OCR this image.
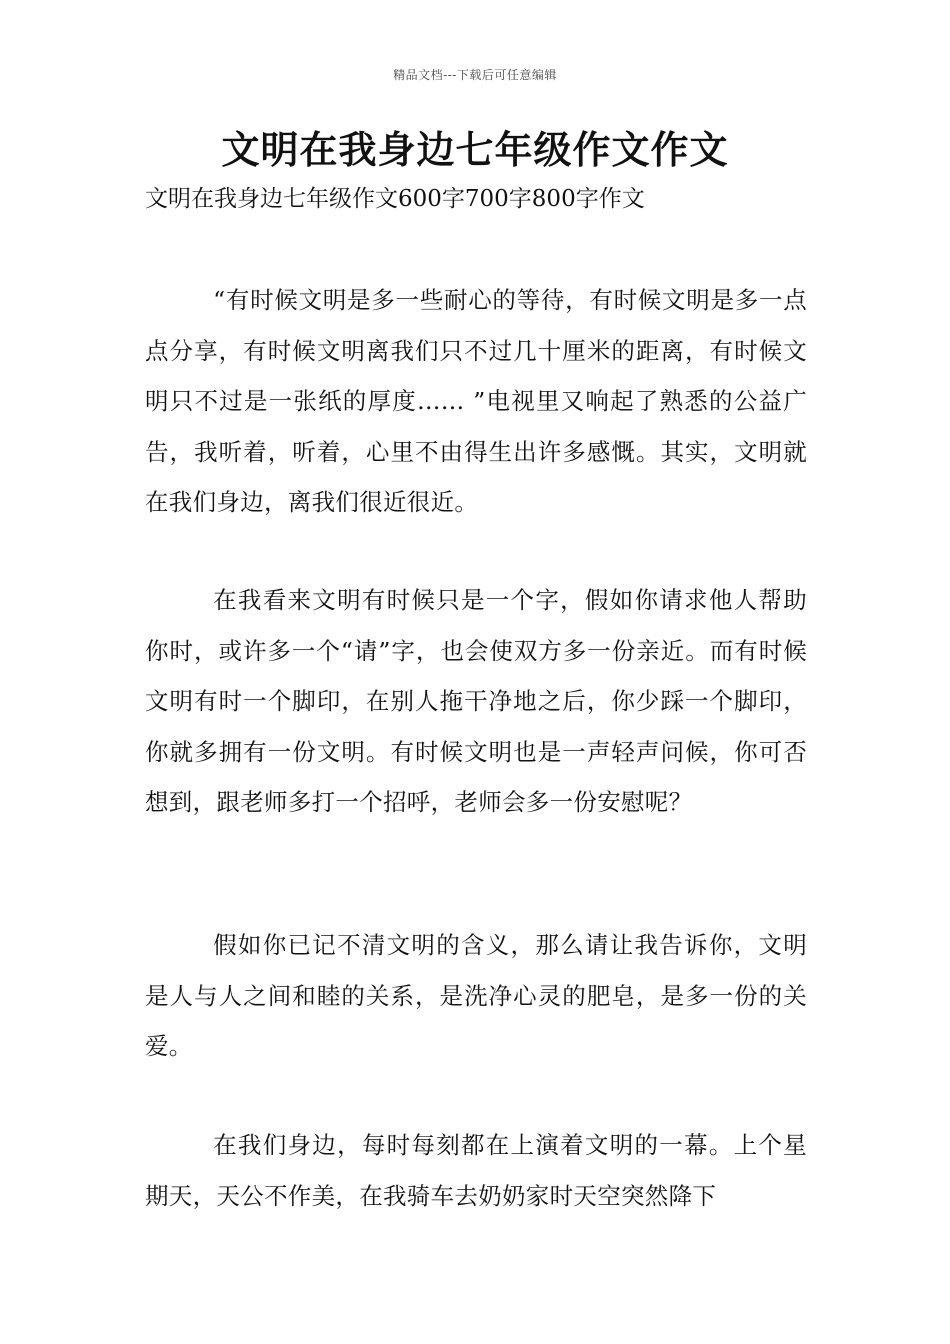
精品文档---下载后可任意编辑
文明在我身边七年级作文作文

文明在我身边七年级作文600字700字800字作文

“有时候文明是多一些耐心的等待，有时候文明是多一点点分享，有时候文明离我们只不过几十厘米的距离，有时候文明只不过是一张纸的厚度…… ”电视里又响起了熟悉的公益广告，我听着，听着，心里不由得生出许多感慨。其实，文明就在我们身边，离我们很近很近。

在我看来文明有时候只是一个字，假如你请求他人帮助你时，或许多一个“请”字，也会使双方多一份亲近。而有时候文明有时一个脚印，在别人拖干净地之后，你少踩一个脚印，你就多拥有一份文明。有时候文明也是一声轻声问候，你可否想到，跟老师多打一个招呼，老师会多一份安慰呢？

假如你已记不清文明的含义，那么请让我告诉你，文明是人与人之间和睦的关系，是洗净心灵的肥皂，是多一份的关爱。

在我们身边，每时每刻都在上演着文明的一幕。上个星期天，天公不作美，在我骑车去奶奶家时天空突然降下
